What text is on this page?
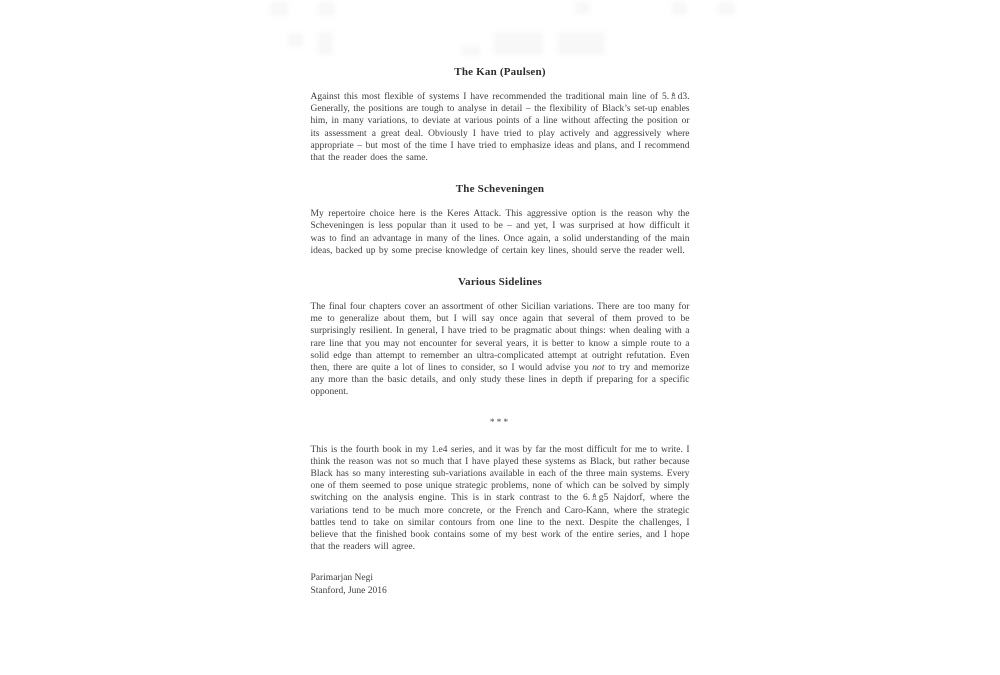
The Kan (Paulsen)

Against this most flexible of systems I have recommended the traditional main line of 5.♗d3. Generally, the positions are tough to analyse in detail – the flexibility of Black’s set-up enables him, in many variations, to deviate at various points of a line without affecting the position or its assessment a great deal. Obviously I have tried to play actively and aggressively where appropriate – but most of the time I have tried to emphasize ideas and plans, and I recommend that the reader does the same.

The Scheveningen

My repertoire choice here is the Keres Attack. This aggressive option is the reason why the Scheveningen is less popular than it used to be – and yet, I was surprised at how difficult it was to find an advantage in many of the lines. Once again, a solid understanding of the main ideas, backed up by some precise knowledge of certain key lines, should serve the reader well.

Various Sidelines

The final four chapters cover an assortment of other Sicilian variations. There are too many for me to generalize about them, but I will say once again that several of them proved to be surprisingly resilient. In general, I have tried to be pragmatic about things: when dealing with a rare line that you may not encounter for several years, it is better to know a simple route to a solid edge than attempt to remember an ultra-complicated attempt at outright refutation. Even then, there are quite a lot of lines to consider, so I would advise you not to try and memorize any more than the basic details, and only study these lines in depth if preparing for a specific opponent.

***

This is the fourth book in my 1.e4 series, and it was by far the most difficult for me to write. I think the reason was not so much that I have played these systems as Black, but rather because Black has so many interesting sub-variations available in each of the three main systems. Every one of them seemed to pose unique strategic problems, none of which can be solved by simply switching on the analysis engine. This is in stark contrast to the 6.♗g5 Najdorf, where the variations tend to be much more concrete, or the French and Caro-Kann, where the strategic battles tend to take on similar contours from one line to the next. Despite the challenges, I believe that the finished book contains some of my best work of the entire series, and I hope that the readers will agree.

Parimarjan Negi
Stanford, June 2016
